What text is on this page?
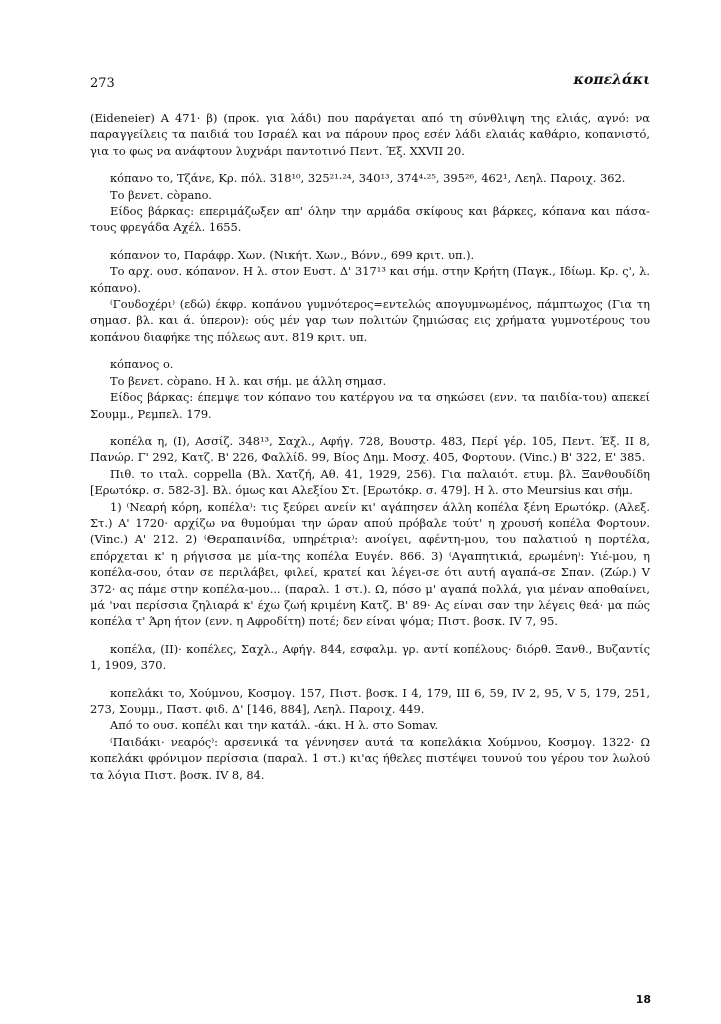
273	κοπελάκι

(Eideneier) Α 471· β) (προκ. για λάδι) που παράγεται από τη σύνθλιψη της ελιάς, αγνό: να παραγγείλεις τα παιδιά του Ισραέλ και να πάρουν προς εσέν λάδι ελαιάς καθάριο, κοπανιστό, για το φως να ανάφτουν λυχνάρι παντοτινό Πεντ. Έξ. XXVII 20.

κόπανο το, Τζάνε, Κρ. πόλ. 318¹⁰, 325²¹·²⁴, 340¹³, 374⁴·²⁵, 395²⁶, 462¹, Λεηλ. Παροιχ. 362.

Το βενετ. còpano.

Είδος βάρκας: επεριμάζωξεν απ' όλην την αρμάδα σκίφους και βάρκες, κόπανα και πάσα-τους φρεγάδα Αχέλ. 1655.

κόπανον το, Παράφρ. Χων. (Νικήτ. Χων., Βόνν., 699 κριτ. υπ.).

Το αρχ. ουσ. κόπανον. Η λ. στον Ευστ. Δ' 317¹³ και σήμ. στην Κρήτη (Παγκ., Ιδίωμ. Κρ. ς', λ. κόπανο).

⁽Γουδοχέρι⁾ (εδώ) έκφρ. κοπάνου γυμνότερος=εντελώς απογυμνωμένος, πάμπτωχος (Για τη σημασ. βλ. και ά. ύπερον): ούς μέν γαρ των πολιτών ζημιώσας εις χρήματα γυμνοτέρους του κοπάνου διαφήκε της πόλεως αυτ. 819 κριτ. υπ.

κόπανος ο.

Το βενετ. còpano. Η λ. και σήμ. με άλλη σημασ.

Είδος βάρκας: έπεμψε τον κόπανο του κατέργου να τα σηκώσει (ενν. τα παιδία-του) απεκεί Σουμμ., Ρεμπελ. 179.

κοπέλα η, (Ι), Ασσίζ. 348¹³, Σαχλ., Αφήγ. 728, Βουστρ. 483, Περί γέρ. 105, Πεντ. Έξ. II 8, Πανώρ. Γ' 292, Κατζ. Β' 226, Φαλλίδ. 99, Βίος Δημ. Μοσχ. 405, Φορτουν. (Vinc.) Β' 322, Ε' 385.

Πιθ. το ιταλ. coppella (Βλ. Χατζή, Αθ. 41, 1929, 256). Για παλαιότ. ετυμ. βλ. Ξανθουδίδη [Ερωτόκρ. σ. 582-3]. Βλ. όμως και Αλεξίου Στ. [Ερωτόκρ. σ. 479]. Η λ. στο Meursius και σήμ.

1) ⁽Νεαρή κόρη, κοπέλα⁾: τις ξεύρει ανείν κι' αγάπησεν άλλη κοπέλα ξένη Ερωτόκρ. (Αλεξ. Στ.) Α' 1720· αρχίζω να θυμούμαι την ώραν απού πρόβαλε τούτ' η χρουσή κοπέλα Φορτουν. (Vinc.) Α' 212. 2) ⁽Θεραπαινίδα, υπηρέτρια⁾: ανοίγει, αφέντη-μου, του παλατιού η πορτέλα, επόρχεται κ' η ρήγισσα με μία-της κοπέλα Ευγέν. 866. 3) ⁽Αγαπητικιά, ερωμένη⁾: Υιέ-μου, η κοπέλα-σου, όταν σε περιλάβει, φιλεί, κρατεί και λέγει-σε ότι αυτή αγαπά-σε Σπαν. (Ζώρ.) V 372· ας πάμε στην κοπέλα-μου... (παραλ. 1 στ.). Ω, πόσο μ' αγαπά πολλά, για μέναν αποθαίνει, μά 'ναι περίσσια ζηλιαρά κ' έχω ζωή κριμένη Κατζ. Β' 89· Ας είναι σαν την λέγεις θεά· μα πώς κοπέλα τ' Άρη ήτον (ενν. η Αφροδίτη) ποτέ; δεν είναι ψόμα; Πιστ. βοσκ. IV 7, 95.

κοπέλα, (ΙΙ)· κοπέλες, Σαχλ., Αφήγ. 844, εσφαλμ. γρ. αντί κοπέλους· διόρθ. Ξανθ., Βυζαντίς 1, 1909, 370.

κοπελάκι το, Χούμνου, Κοσμογ. 157, Πιστ. βοσκ. I 4, 179, III 6, 59, IV 2, 95, V 5, 179, 251, 273, Σουμμ., Παστ. φιδ. Δ' [146, 884], Λεηλ. Παροιχ. 449.

Από το ουσ. κοπέλι και την κατάλ. -άκι. Η λ. στο Somav.

⁽Παιδάκι· νεαρός⁾: αρσενικά τα γέννησεν αυτά τα κοπελάκια Χούμνου, Κοσμογ. 1322· Ω κοπελάκι φρόνιμον περίσσια (παραλ. 1 στ.) κι'ας ήθελες πιστέψει τουνού του γέρου τον λωλού τα λόγια Πιστ. βοσκ. IV 8, 84.

18
